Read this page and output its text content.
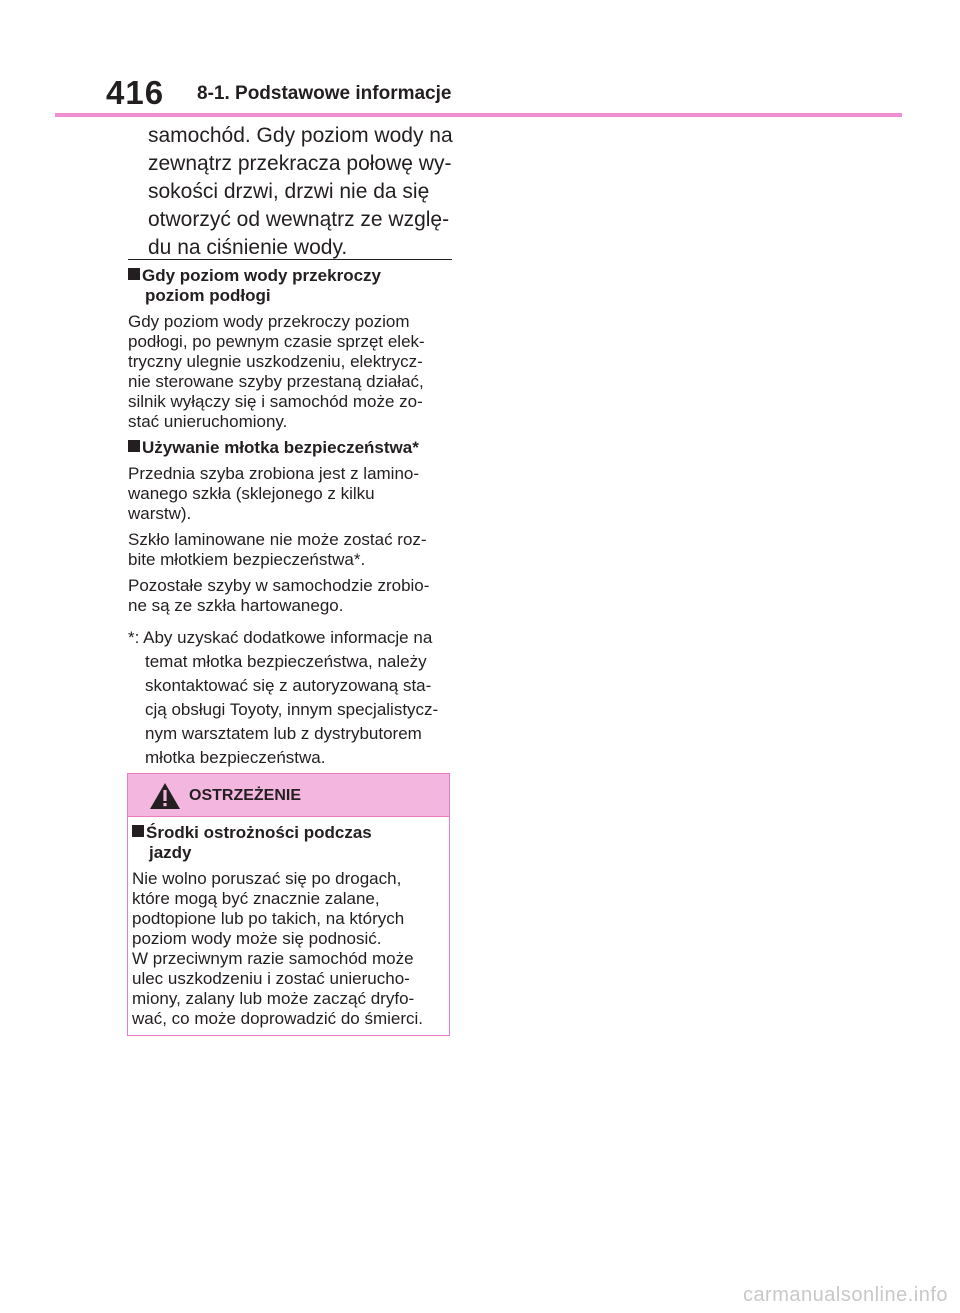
416 8-1. Podstawowe informacje
samochód. Gdy poziom wody na
zewnątrz przekracza połowę wy-
sokości drzwi, drzwi nie da się
otworzyć od wewnątrz ze wzglę-
du na ciśnienie wody.
Gdy poziom wody przekroczy
poziom podłogi
Gdy poziom wody przekroczy poziom
podłogi, po pewnym czasie sprzęt elek-
tryczny ulegnie uszkodzeniu, elektrycz-
nie sterowane szyby przestaną działać,
silnik wyłączy się i samochód może zo-
stać unieruchomiony.
Używanie młotka bezpieczeństwa*
Przednia szyba zrobiona jest z lamino-
wanego szkła (sklejonego z kilku
warstw).
Szkło laminowane nie może zostać roz-
bite młotkiem bezpieczeństwa*.
Pozostałe szyby w samochodzie zrobio-
ne są ze szkła hartowanego.
*: Aby uzyskać dodatkowe informacje na
temat młotka bezpieczeństwa, należy
skontaktować się z autoryzowaną sta-
cją obsługi Toyoty, innym specjalistycz-
nym warsztatem lub z dystrybutorem
młotka bezpieczeństwa.
OSTRZEŻENIE
Środki ostrożności podczas
jazdy
Nie wolno poruszać się po drogach,
które mogą być znacznie zalane,
podtopione lub po takich, na których
poziom wody może się podnosić.
W przeciwnym razie samochód może
ulec uszkodzeniu i zostać unierucho-
miony, zalany lub może zacząć dryfo-
wać, co może doprowadzić do śmierci.
carmanualsonline.info
